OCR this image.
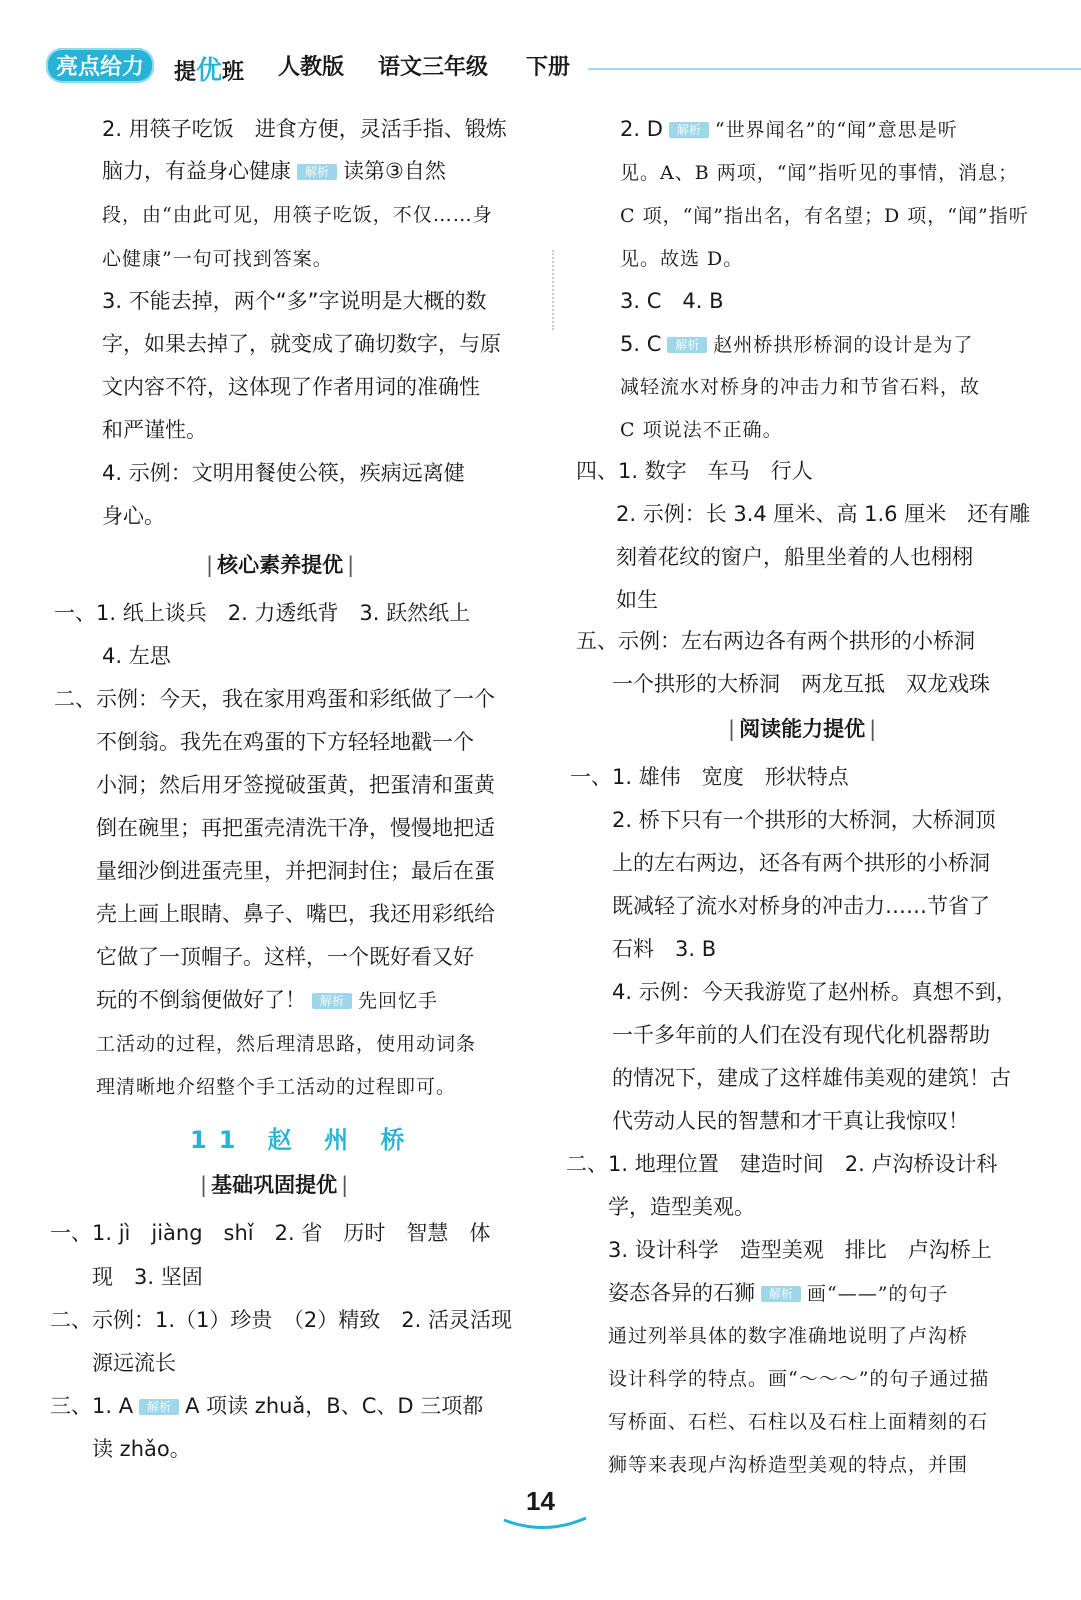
亮点给力	提优班 人教版 语文三年级 下册
2. 用筷子吃饭　进食方便，灵活手指、锻炼
脑力，有益身心健康 解析 读第③自然
段，由“由此可见，用筷子吃饭，不仅……身
心健康”一句可找到答案。
3. 不能去掉，两个“多”字说明是大概的数
字，如果去掉了，就变成了确切数字，与原
文内容不符，这体现了作者用词的准确性
和严谨性。
4. 示例：文明用餐使公筷，疾病远离健
身心。
| 核心素养提优 |
一、1. 纸上谈兵　2. 力透纸背　3. 跃然纸上
4. 左思
二、示例：今天，我在家用鸡蛋和彩纸做了一个
不倒翁。我先在鸡蛋的下方轻轻地戳一个
小洞；然后用牙签搅破蛋黄，把蛋清和蛋黄
倒在碗里；再把蛋壳清洗干净，慢慢地把适
量细沙倒进蛋壳里，并把洞封住；最后在蛋
壳上画上眼睛、鼻子、嘴巴，我还用彩纸给
它做了一顶帽子。这样，一个既好看又好
玩的不倒翁便做好了！ 解析 先回忆手
工活动的过程，然后理清思路，使用动词条
理清晰地介绍整个手工活动的过程即可。
11 赵 州 桥
| 基础巩固提优 |
一、1. jì　jiàng　shǐ　2. 省　历时　智慧　体
现　3. 坚固
二、示例：1.（1）珍贵　（2）精致　2. 活灵活现
源远流长
三、1. A 解析 A 项读 zhuǎ，B、C、D 三项都
读 zhǎo。
2. D 解析 “世界闻名”的“闻”意思是听
见。A、B 两项，“闻”指听见的事情，消息；
C 项，“闻”指出名，有名望；D 项，“闻”指听
见。故选 D。
3. C　4. B
5. C 解析 赵州桥拱形桥洞的设计是为了
减轻流水对桥身的冲击力和节省石料，故
C 项说法不正确。
四、1. 数字　车马　行人
2. 示例：长 3.4 厘米、高 1.6 厘米　还有雕
刻着花纹的窗户，船里坐着的人也栩栩
如生
五、示例：左右两边各有两个拱形的小桥洞
一个拱形的大桥洞　两龙互抵　双龙戏珠
| 阅读能力提优 |
一、1. 雄伟　宽度　形状特点
2. 桥下只有一个拱形的大桥洞，大桥洞顶
上的左右两边，还各有两个拱形的小桥洞
既减轻了流水对桥身的冲击力……节省了
石料　3. B
4. 示例：今天我游览了赵州桥。真想不到，
一千多年前的人们在没有现代化机器帮助
的情况下，建成了这样雄伟美观的建筑！古
代劳动人民的智慧和才干真让我惊叹！
二、1. 地理位置　建造时间　2. 卢沟桥设计科
学，造型美观。
3. 设计科学　造型美观　排比　卢沟桥上
姿态各异的石狮 解析 画“——”的句子
通过列举具体的数字准确地说明了卢沟桥
设计科学的特点。画“～～～”的句子通过描
写桥面、石栏、石柱以及石柱上面精刻的石
狮等来表现卢沟桥造型美观的特点，并围
14
